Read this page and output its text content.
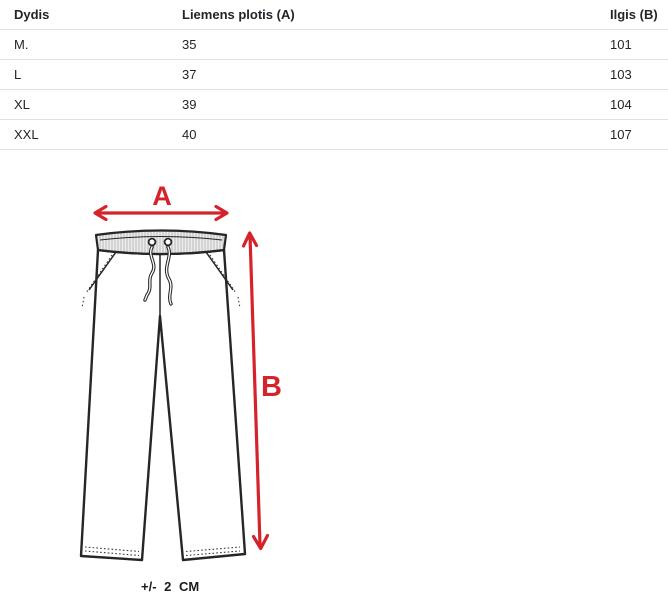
Dydis	Liemens plotis (A)	Ilgis (B)
M.	35	101
L	37	103
XL	39	104
XXL	40	107
A
B
+/- 2 CM
